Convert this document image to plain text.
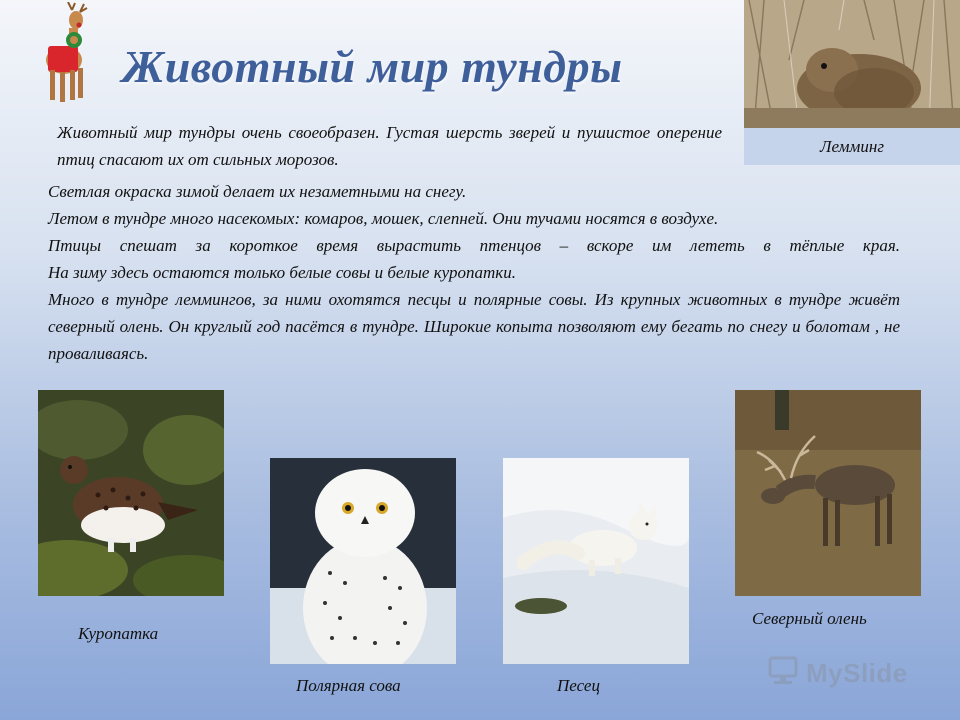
Животный мир тундры
Лемминг

Животный мир тундры очень своеобразен. Густая шерсть зверей и пушистое оперение птиц спасают их от сильных морозов.

Светлая окраска зимой делает их незаметными на снегу.

Летом в тундре много насекомых: комаров, мошек, слепней. Они тучами носятся в воздухе.

Птицы спешат за короткое время вырастить птенцов – вскоре им лететь в тёплые края.

На зиму здесь остаются только белые совы и белые куропатки.

Много в тундре леммингов, за ними охотятся песцы и полярные совы. Из крупных животных в тундре живёт северный олень. Он круглый год пасётся в тундре. Широкие копыта позволяют ему бегать по снегу и болотам , не проваливаясь.

Куропатка
Полярная сова	Песец
Северный олень
MySlide
